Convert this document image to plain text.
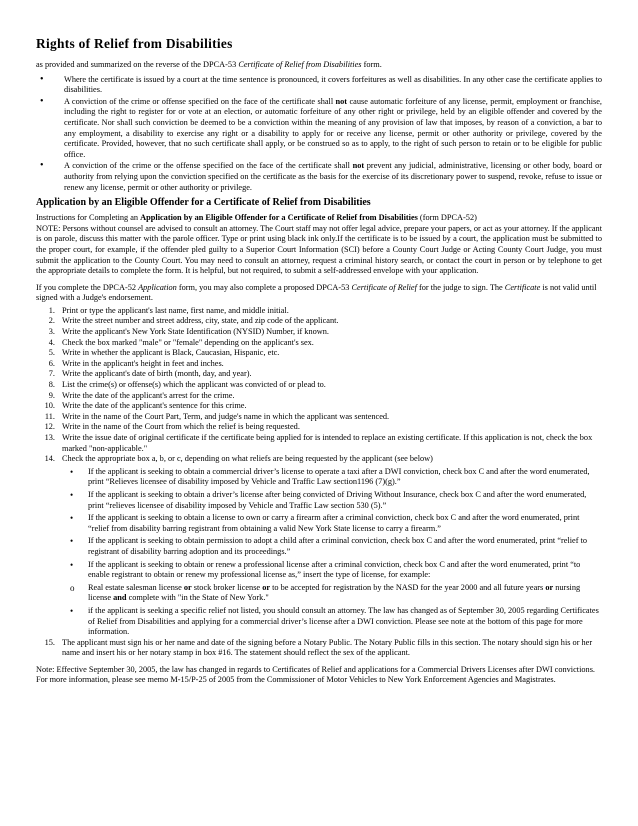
Rights of Relief from Disabilities

as provided and summarized on the reverse of the DPCA-53 Certificate of Relief from Disabilities form.

• Where the certificate is issued by a court at the time sentence is pronounced, it covers forfeitures as well as disabilities. In any other case the certificate applies to disabilities.
• A conviction of the crime or offense specified on the face of the certificate shall not cause automatic forfeiture of any license, permit, employment or franchise, including the right to register for or vote at an election, or automatic forfeiture of any other right or privilege, held by an eligible offender and covered by the certificate. Nor shall such conviction be deemed to be a conviction within the meaning of any provision of law that imposes, by reason of a conviction, a bar to any employment, a disability to exercise any right or a disability to apply for or receive any license, permit or other authority or privilege, covered by the certificate. Provided, however, that no such certificate shall apply, or be construed so as to apply, to the right of such person to retain or to be eligible for public office.
• A conviction of the crime or the offense specified on the face of the certificate shall not prevent any judicial, administrative, licensing or other body, board or authority from relying upon the conviction specified on the certificate as the basis for the exercise of its discretionary power to suspend, revoke, refuse to issue or renew any license, permit or other authority or privilege.
Application by an Eligible Offender for a Certificate of Relief from Disabilities

Instructions for Completing an Application by an Eligible Offender for a Certificate of Relief from Disabilities (form DPCA-52)

NOTE: Persons without counsel are advised to consult an attorney. The Court staff may not offer legal advice, prepare your papers, or act as your attorney. If the applicant is on parole, discuss this matter with the parole officer. Type or print using black ink only.If the certificate is to be issued by a court, the application must be submitted to the proper court, for example, if the offender pled guilty to a Superior Court Information (SCI) before a County Court Judge or Acting County Court Judge, you must submit the application to the County Court. You may need to consult an attorney, request a criminal history search, or contact the court in person or by telephone to get the appropriate details to complete the form. It is helpful, but not required, to submit a self-addressed envelope with your application.

If you complete the DPCA-52 Application form, you may also complete a proposed DPCA-53 Certificate of Relief for the judge to sign. The Certificate is not valid until signed with a Judge's endorsement.

1. Print or type the applicant's last name, first name, and middle initial.
2. Write the street number and street address, city, state, and zip code of the applicant.
3. Write the applicant's New York State Identification (NYSID) Number, if known.
4. Check the box marked "male" or "female" depending on the applicant's sex.
5. Write in whether the applicant is Black, Caucasian, Hispanic, etc.
6. Write in the applicant's height in feet and inches.
7. Write the applicant's date of birth (month, day, and year).
8. List the crime(s) or offense(s) which the applicant was convicted of or plead to.
9. Write the date of the applicant's arrest for the crime.
10. Write the date of the applicant's sentence for this crime.
11. Write in the name of the Court Part, Term, and judge's name in which the applicant was sentenced.
12. Write in the name of the Court from which the relief is being requested.
13. Write the issue date of original certificate if the certificate being applied for is intended to replace an existing certificate. If this application is not, check the box marked "non-applicable."
14. Check the appropriate box a, b, or c, depending on what reliefs are being requested by the applicant (see below)
• If the applicant is seeking to obtain a commercial driver’s license to operate a taxi after a DWI conviction, check box C and after the word enumerated, print “Relieves licensee of disability imposed by Vehicle and Traffic Law section1196 (7)(g).”
• If the applicant is seeking to obtain a driver’s license after being convicted of Driving Without Insurance, check box C and after the word enumerated, print “relieves licensee of disability imposed by Vehicle and Traffic Law section 530 (5).”
• If the applicant is seeking to obtain a license to own or carry a firearm after a criminal conviction, check box C and after the word enumerated, print “relief from disability barring registrant from obtaining a valid New York State license to carry a firearm.”
• If the applicant is seeking to obtain permission to adopt a child after a criminal conviction, check box C and after the word enumerated, print “relief to registrant of disability barring adoption and its proceedings.”
• If the applicant is seeking to obtain or renew a professional license after a criminal conviction, check box C and after the word enumerated, print “to enable registrant to obtain or renew my professional license as,” insert the type of license, for example:
o Real estate salesman license or stock broker license or to be accepted for registration by the NASD for the year 2000 and all future years or nursing license and complete with "in the State of New York."
• if the applicant is seeking a specific relief not listed, you should consult an attorney. The law has changed as of September 30, 2005 regarding Certificates of Relief from Disabilities and applying for a commercial driver’s license after a DWI conviction. Please see note at the bottom of this page for more information.
15. The applicant must sign his or her name and date of the signing before a Notary Public. The Notary Public fills in this section. The notary should sign his or her name and insert his or her notary stamp in box #16. The statement should reflect the sex of the applicant.

Note: Effective September 30, 2005, the law has changed in regards to Certificates of Relief and applications for a Commercial Drivers Licenses after DWI convictions. For more information, please see memo M-15/P-25 of 2005 from the Commissioner of Motor Vehicles to New York Enforcement Agencies and Magistrates.
